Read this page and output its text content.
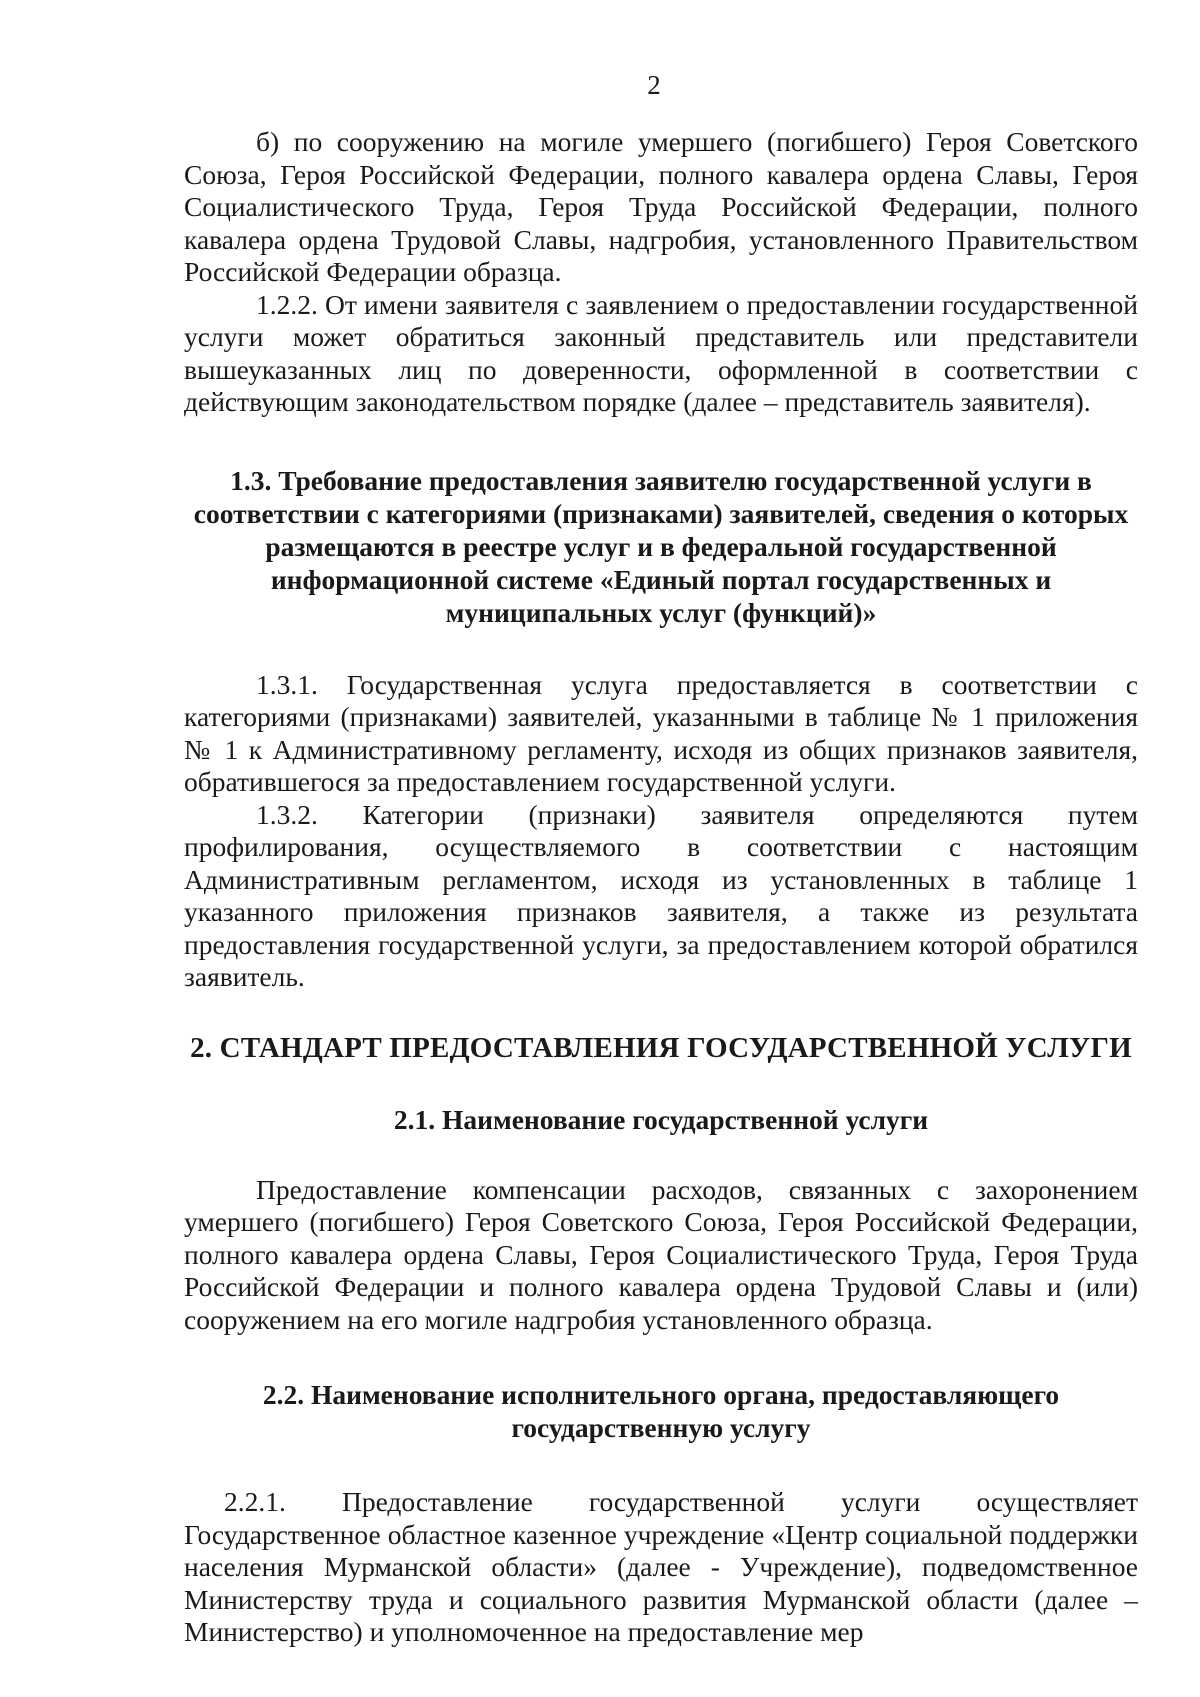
2

б) по сооружению на могиле умершего (погибшего) Героя Советского Союза, Героя Российской Федерации, полного кавалера ордена Славы, Героя Социалистического Труда, Героя Труда Российской Федерации, полного кавалера ордена Трудовой Славы, надгробия, установленного Правительством Российской Федерации образца.

1.2.2. От имени заявителя с заявлением о предоставлении государственной услуги может обратиться законный представитель или представители вышеуказанных лиц по доверенности, оформленной в соответствии с действующим законодательством порядке (далее – представитель заявителя).

1.3. Требование предоставления заявителю государственной услуги в соответствии с категориями (признаками) заявителей, сведения о которых размещаются в реестре услуг и в федеральной государственной информационной системе «Единый портал государственных и муниципальных услуг (функций)»

1.3.1. Государственная услуга предоставляется в соответствии с категориями (признаками) заявителей, указанными в таблице № 1 приложения № 1 к Административному регламенту, исходя из общих признаков заявителя, обратившегося за предоставлением государственной услуги.

1.3.2. Категории (признаки) заявителя определяются путем профилирования, осуществляемого в соответствии с настоящим Административным регламентом, исходя из установленных в таблице 1 указанного приложения признаков заявителя, а также из результата предоставления государственной услуги, за предоставлением которой обратился заявитель.

2. СТАНДАРТ ПРЕДОСТАВЛЕНИЯ ГОСУДАРСТВЕННОЙ УСЛУГИ
2.1. Наименование государственной услуги

Предоставление компенсации расходов, связанных с захоронением умершего (погибшего) Героя Советского Союза, Героя Российской Федерации, полного кавалера ордена Славы, Героя Социалистического Труда, Героя Труда Российской Федерации и полного кавалера ордена Трудовой Славы и (или) сооружением на его могиле надгробия установленного образца.

2.2. Наименование исполнительного органа, предоставляющего государственную услугу

2.2.1. Предоставление государственной услуги осуществляет Государственное областное казенное учреждение «Центр социальной поддержки населения Мурманской области» (далее - Учреждение), подведомственное Министерству труда и социального развития Мурманской области (далее – Министерство) и уполномоченное на предоставление мер
